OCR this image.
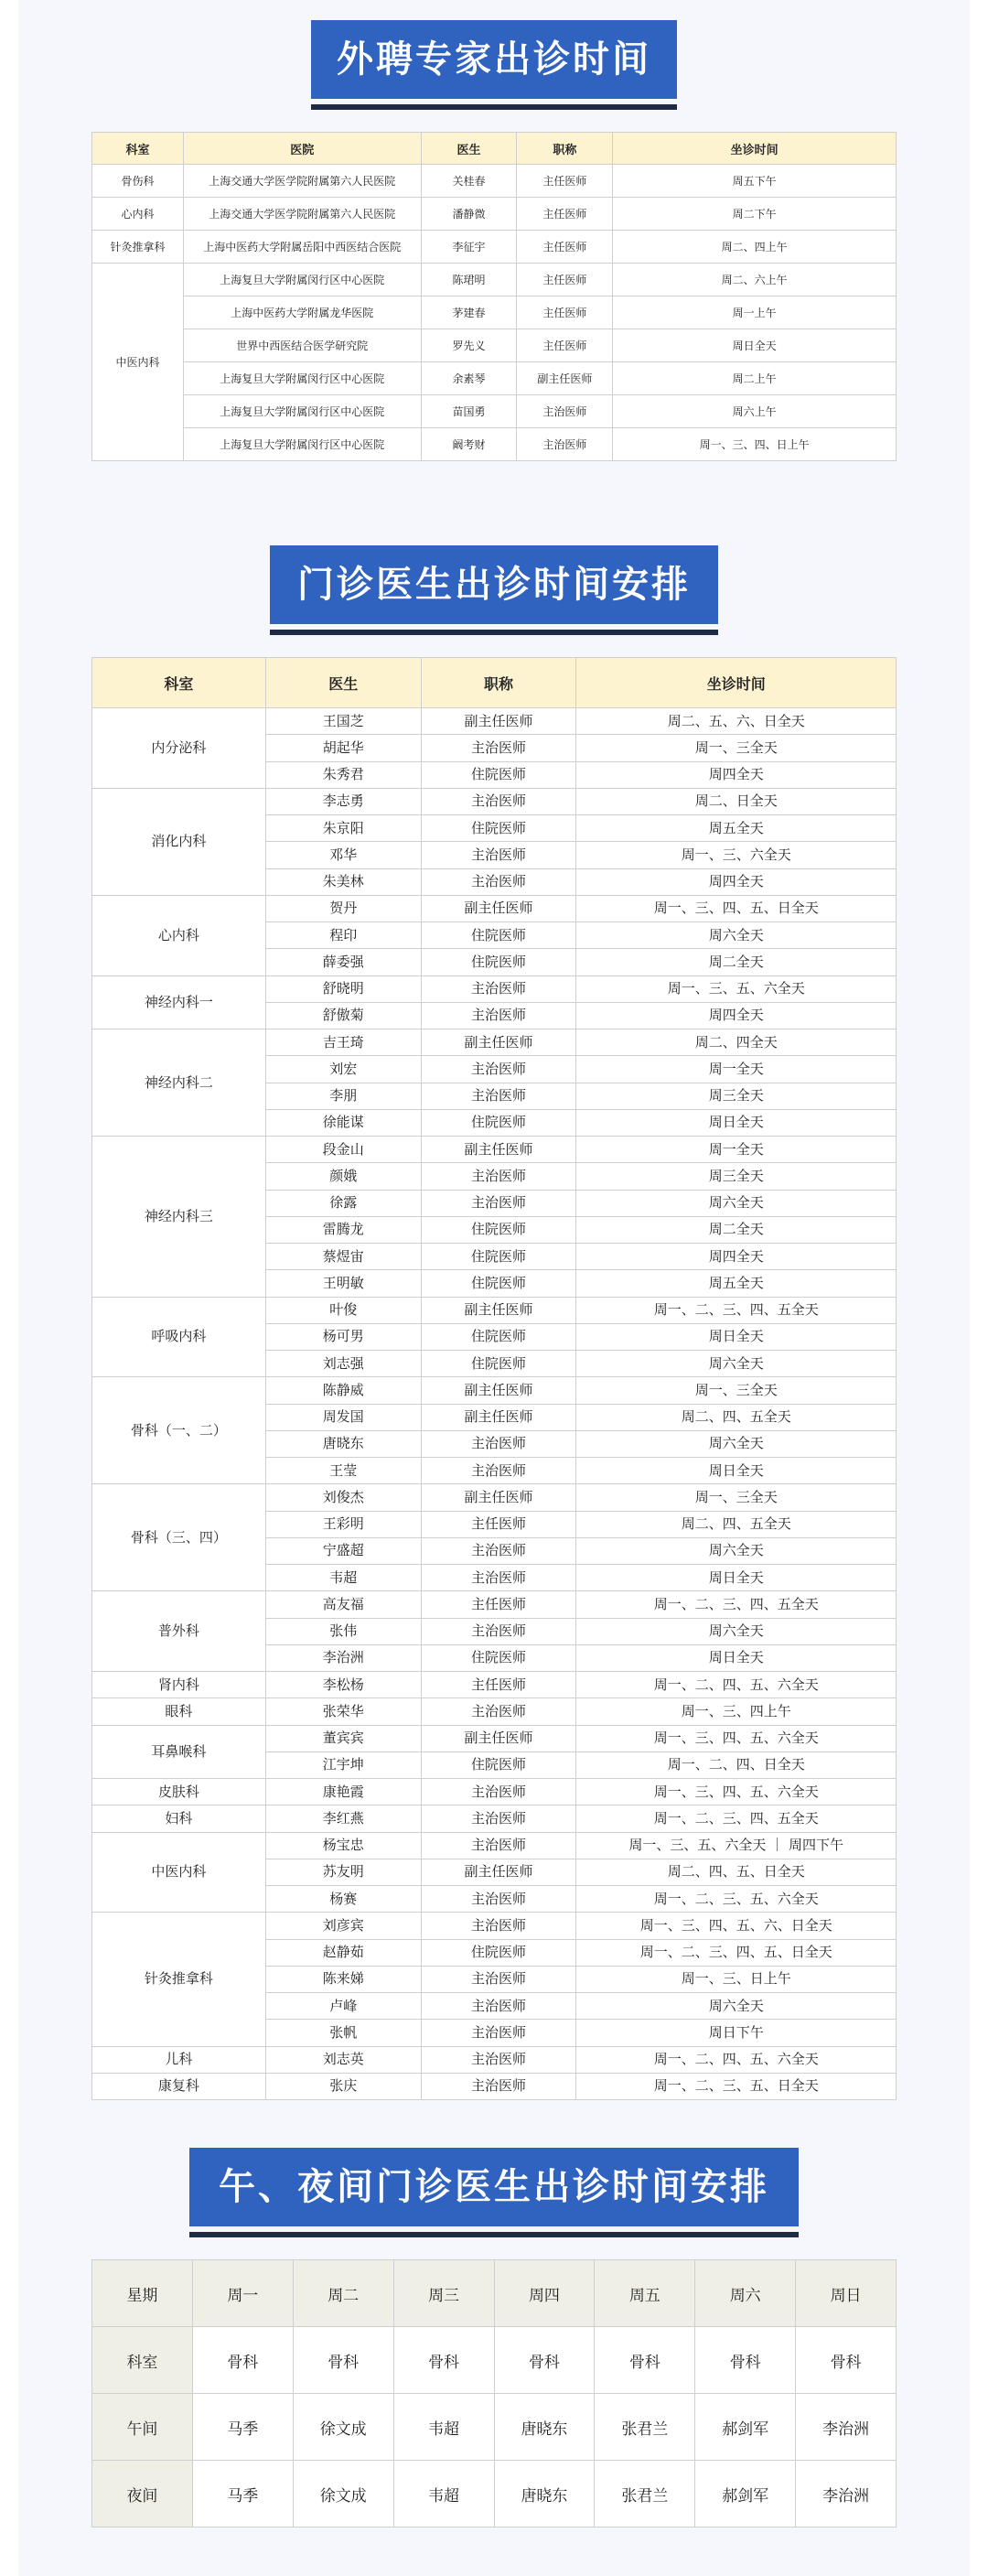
外聘专家出诊时间
科室	医院	医生	职称	坐诊时间
骨伤科	上海交通大学医学院附属第六人民医院	关桂春	主任医师	周五下午
心内科	上海交通大学医学院附属第六人民医院	潘静微	主任医师	周二下午
针灸推拿科	上海中医药大学附属岳阳中西医结合医院	李征宇	主任医师	周二、四上午
中医内科	上海复旦大学附属闵行区中心医院	陈珺明	主任医师	周二、六上午
	上海中医药大学附属龙华医院	茅建春	主任医师	周一上午
	世界中西医结合医学研究院	罗先义	主任医师	周日全天
	上海复旦大学附属闵行区中心医院	余素琴	副主任医师	周二上午
	上海复旦大学附属闵行区中心医院	苗国勇	主治医师	周六上午
	上海复旦大学附属闵行区中心医院	阚考财	主治医师	周一、三、四、日上午
门诊医生出诊时间安排
科室	医生	职称	坐诊时间
内分泌科	王国芝	副主任医师	周二、五、六、日全天
	胡起华	主治医师	周一、三全天
	朱秀君	住院医师	周四全天
消化内科	李志勇	主治医师	周二、日全天
	朱京阳	住院医师	周五全天
	邓华	主治医师	周一、三、六全天
	朱美林	主治医师	周四全天
心内科	贺丹	副主任医师	周一、三、四、五、日全天
	程印	住院医师	周六全天
	薛委强	住院医师	周二全天
神经内科一	舒晓明	主治医师	周一、三、五、六全天
	舒傲菊	主治医师	周四全天
神经内科二	吉王琦	副主任医师	周二、四全天
	刘宏	主治医师	周一全天
	李朋	主治医师	周三全天
	徐能谋	住院医师	周日全天
神经内科三	段金山	副主任医师	周一全天
	颜娥	主治医师	周三全天
	徐露	主治医师	周六全天
	雷腾龙	住院医师	周二全天
	蔡煜宙	住院医师	周四全天
	王明敏	住院医师	周五全天
呼吸内科	叶俊	副主任医师	周一、二、三、四、五全天
	杨可男	住院医师	周日全天
	刘志强	住院医师	周六全天
骨科（一、二）	陈静威	副主任医师	周一、三全天
	周发国	副主任医师	周二、四、五全天
	唐晓东	主治医师	周六全天
	王莹	主治医师	周日全天
骨科（三、四）	刘俊杰	副主任医师	周一、三全天
	王彩明	主任医师	周二、四、五全天
	宁盛超	主治医师	周六全天
	韦超	主治医师	周日全天
普外科	高友福	主任医师	周一、二、三、四、五全天
	张伟	主治医师	周六全天
	李治洲	住院医师	周日全天
肾内科	李松杨	主任医师	周一、二、四、五、六全天
眼科	张荣华	主治医师	周一、三、四上午
耳鼻喉科	董宾宾	副主任医师	周一、三、四、五、六全天
	江宇坤	住院医师	周一、二、四、日全天
皮肤科	康艳霞	主治医师	周一、三、四、五、六全天
妇科	李红燕	主治医师	周一、二、三、四、五全天
中医内科	杨宝忠	主治医师	周一、三、五、六全天 ｜ 周四下午
	苏友明	副主任医师	周二、四、五、日全天
	杨赛	主治医师	周一、二、三、五、六全天
针灸推拿科	刘彦宾	主治医师	周一、三、四、五、六、日全天
	赵静茹	住院医师	周一、二、三、四、五、日全天
	陈来娣	主治医师	周一、三、日上午
	卢峰	主治医师	周六全天
	张帆	主治医师	周日下午
儿科	刘志英	主治医师	周一、二、四、五、六全天
康复科	张庆	主治医师	周一、二、三、五、日全天
午、夜间门诊医生出诊时间安排
星期	周一	周二	周三	周四	周五	周六	周日
科室	骨科	骨科	骨科	骨科	骨科	骨科	骨科
午间	马季	徐文成	韦超	唐晓东	张君兰	郝剑军	李治洲
夜间	马季	徐文成	韦超	唐晓东	张君兰	郝剑军	李治洲
